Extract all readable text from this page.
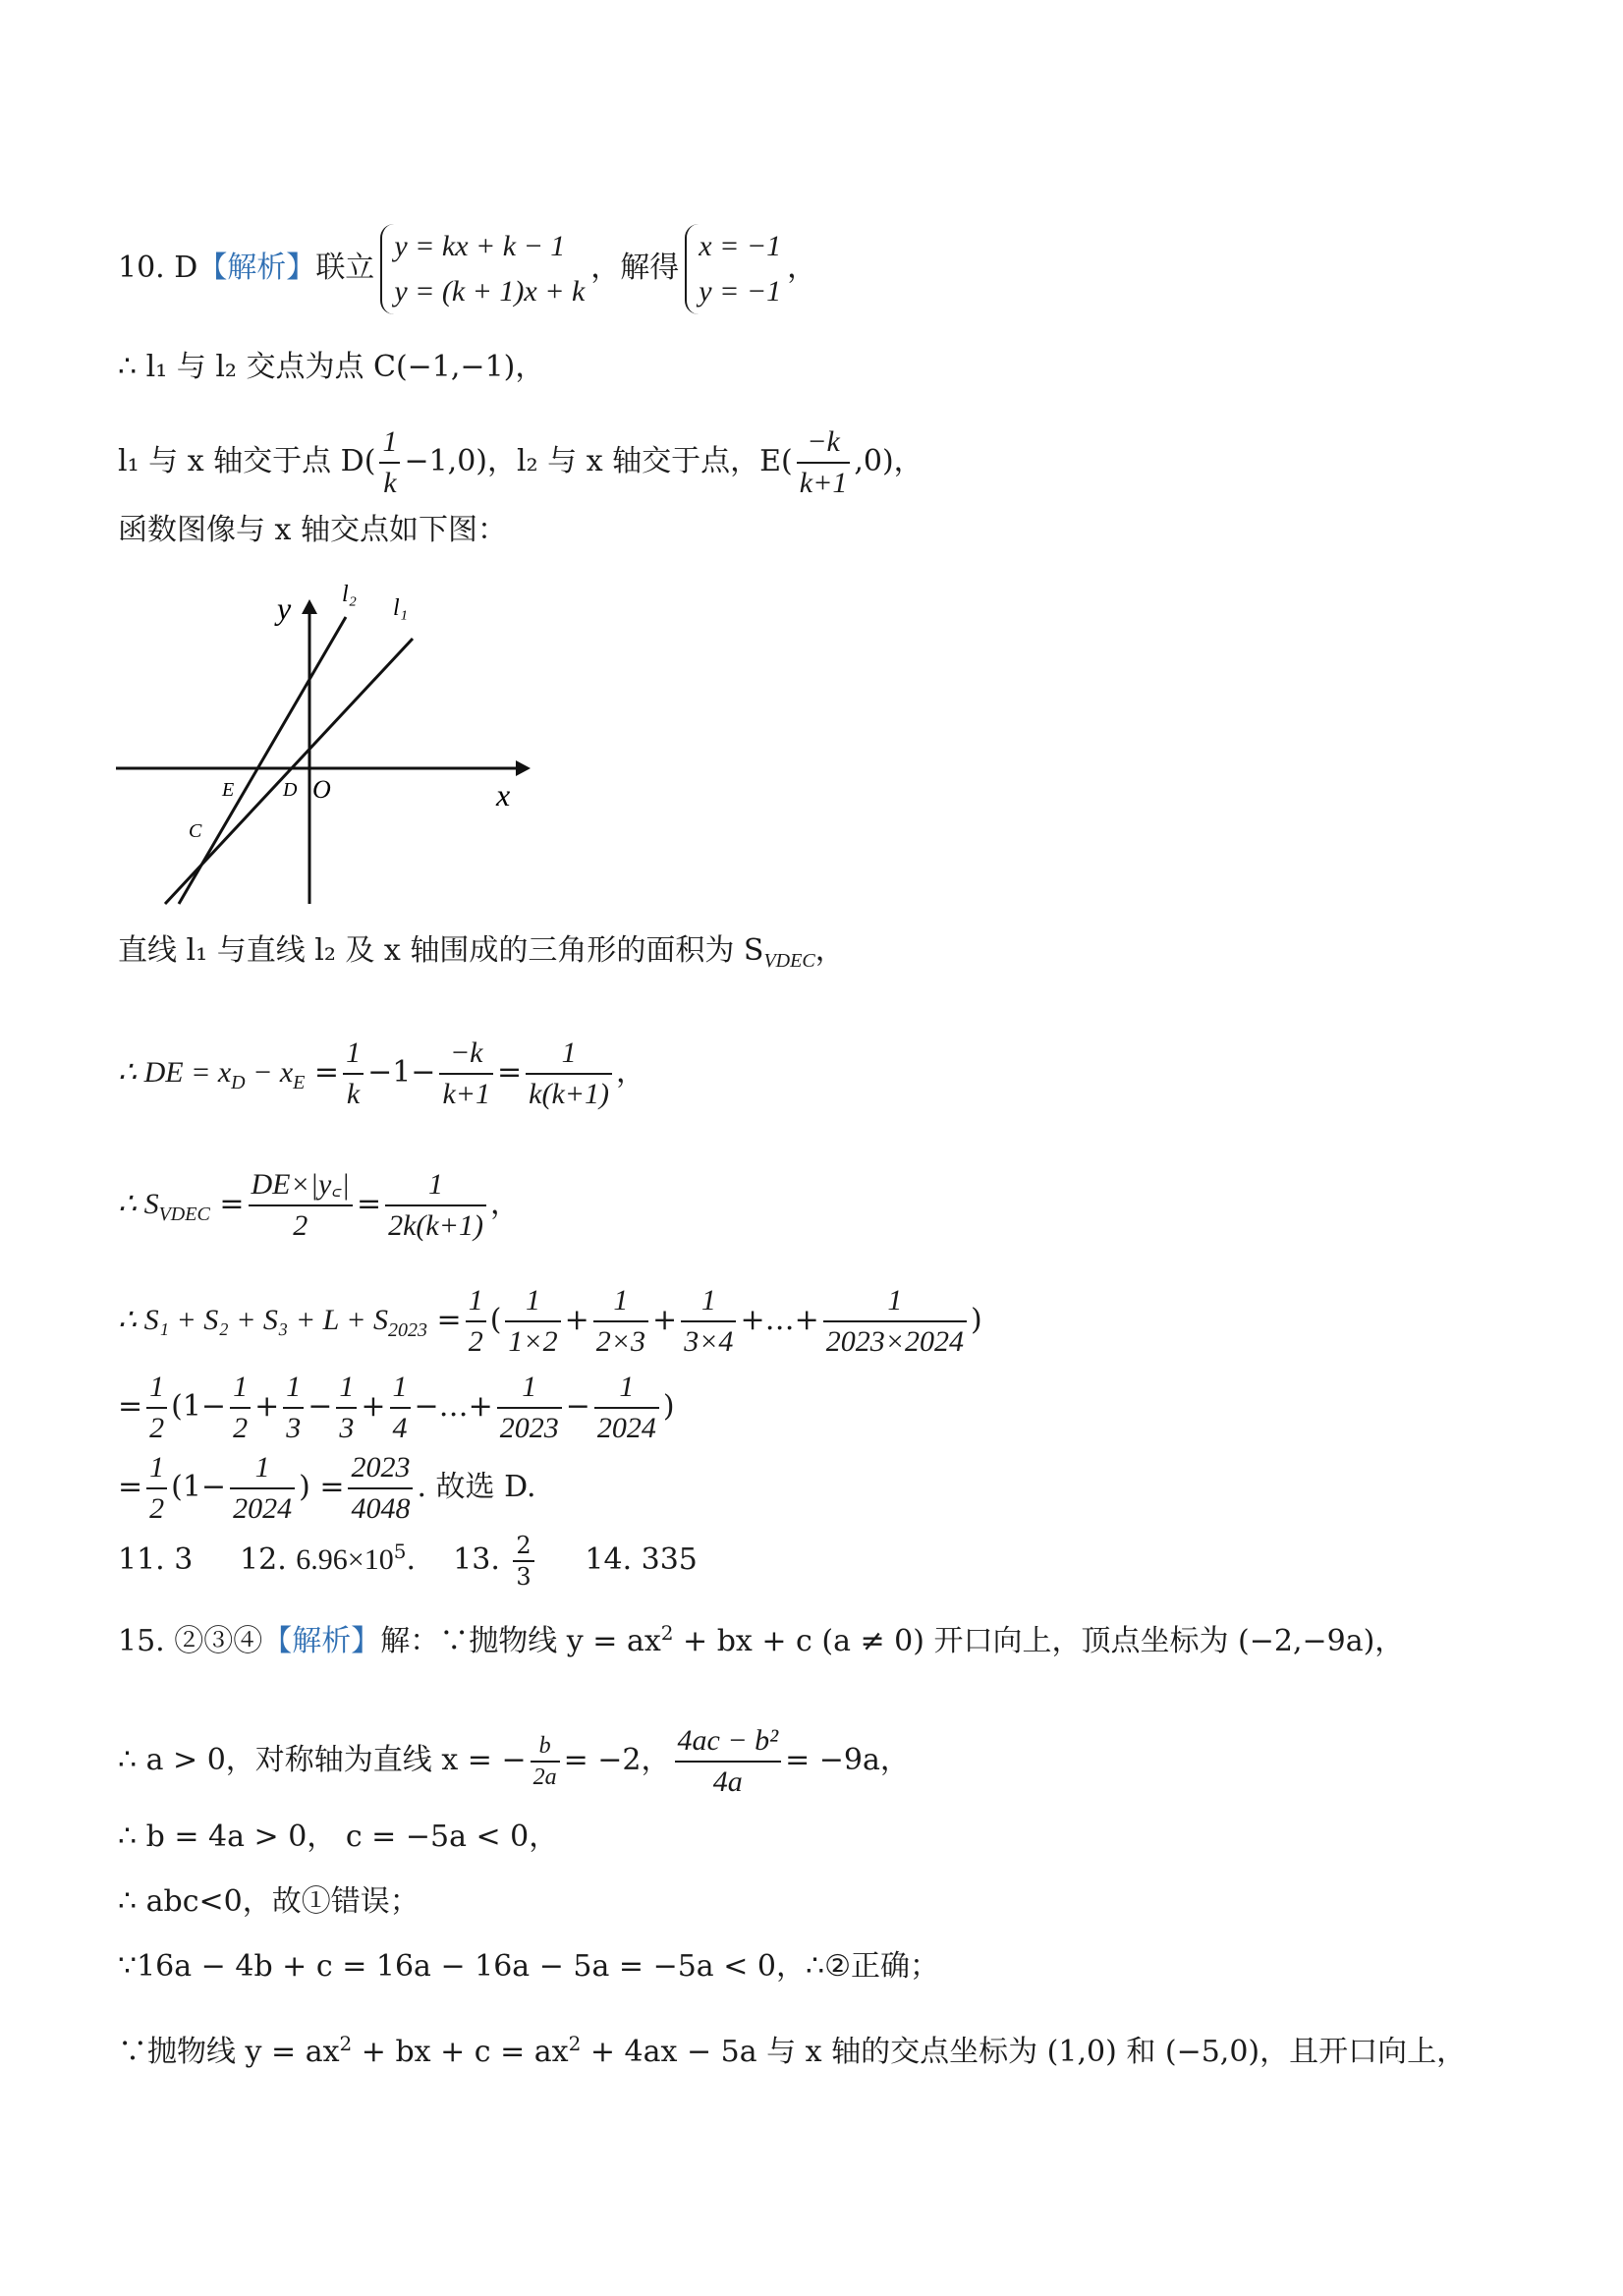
10. D【解析】联立
y = kx + k − 1
y = (k + 1)x + k
，解得
x = −1
y = −1
，
∴ l₁ 与 l₂ 交点为点 C(−1,−1)，
l₁ 与 x 轴交于点 $D( \frac{1}{k} -1,0)$，l₂ 与 x 轴交于点，$E( \frac{-k}{k+1} ,0)$，
函数图像与 x 轴交点如下图：
y
x
O
l₂
l₁
E D
C
直线 l₁ 与直线 l₂ 及 x 轴围成的三角形的面积为 $S_{VDEC}$，
∴ DE = $x_D - x_E = \frac{1}{k} -1- \frac{-k}{k+1} = \frac{1}{k(k+1)}$ ，
∴ $S_{VDEC} = \frac{DE\times|y꜀|}{2} = \frac{1}{2k(k+1)}$ ，
∴ $S_1 + S_2 + S_3 + L + S_{2023} = \frac{1}{2}$ ( $\frac{1}{1\times 2} + \frac{1}{2\times 3} + \frac{1}{3\times 4}$ +…+ $\frac{1}{2023\times 2024}$ )
= $\frac{1}{2} (1- \frac{1}{2} + \frac{1}{3} - \frac{1}{3} + \frac{1}{4}$ −…+ $\frac{1}{2023} - \frac{1}{2024}$ )
= $\frac{1}{2} (1- \frac{1}{2024}$ ) = $\frac{2023}{4048}$ . 故选 D.
11. 3 12. $6.96\times 10^5$. 13. $\frac{2}{3} 14$. 335
15. ②③④【解析】解：∵抛物线 $y = ax^2$ + bx + c (a ≠ 0) 开口向上，顶点坐标为 (−2,−9a)，
∴ a > 0，对称轴为直线 x = − $\frac{b}{2a} = -2$， $\frac{\text{4ac − b²}}{4a} = -9a$，
∴ b = 4a > 0， c = −5a < 0，
∴ abc<0，故①错误；
∵16a − 4b + c = 16a − 16a − 5a = −5a < 0，∴②正确；
∵抛物线 $y = ax^2$ + bx + $c = ax^2 + 4ax - 5a$ 与 x 轴的交点坐标为 (1,0) 和 (−5,0)，且开口向上，
